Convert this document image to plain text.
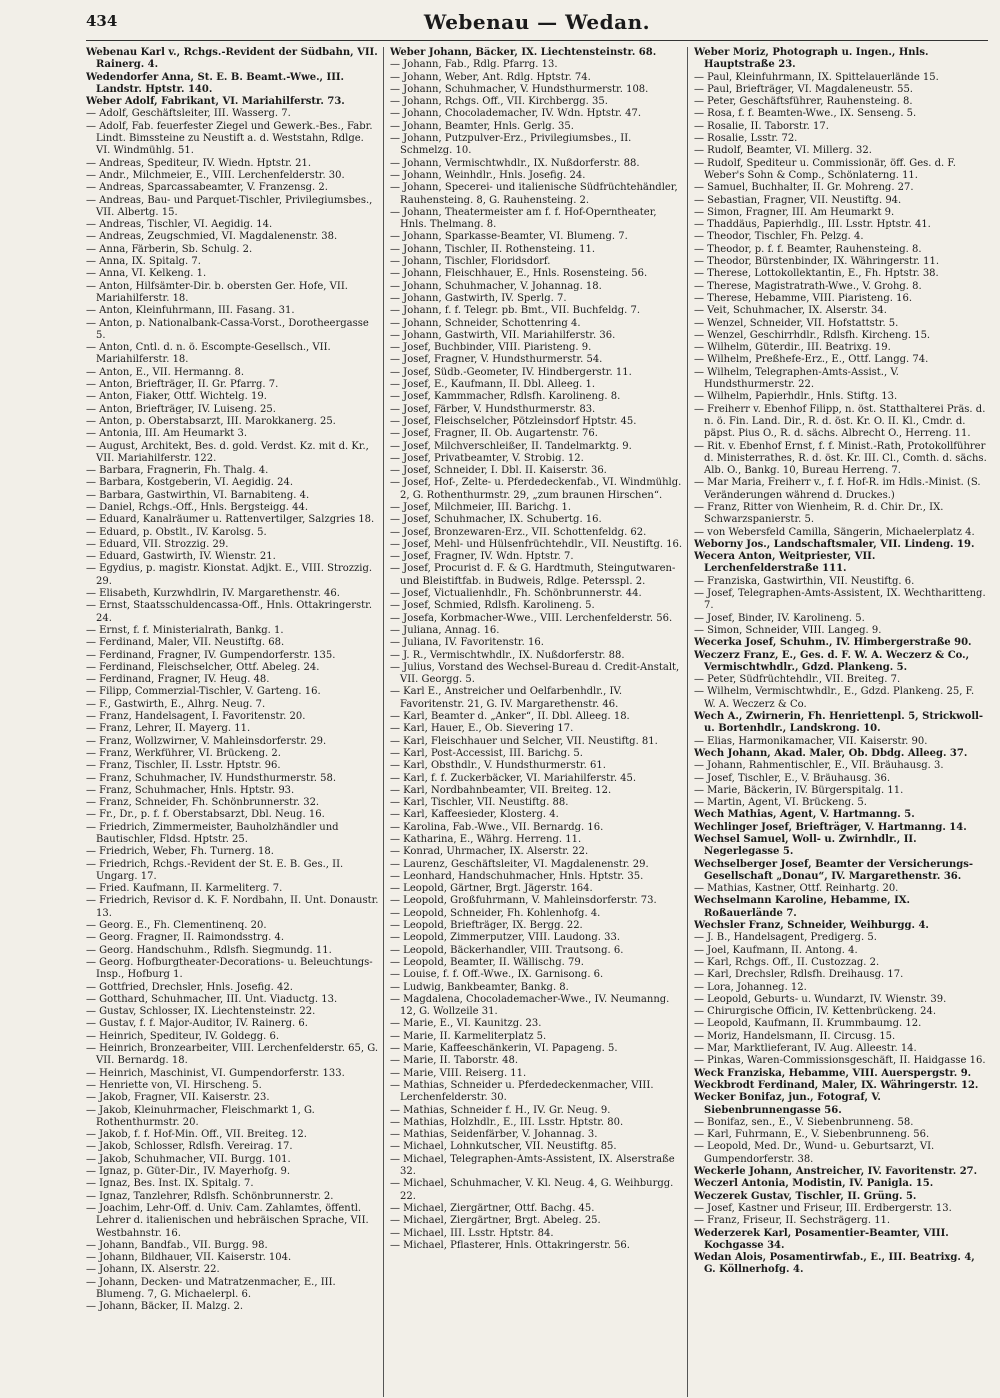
434	Webenau — Wedan.

Webenau Karl v., Rchgs.-Revident der Südbahn, VII. Rainerg. 4.

Wedendorfer Anna, St. E. B. Beamt.-Wwe., III. Landstr. Hptstr. 140.

Weber Adolf, Fabrikant, VI. Mariahilferstr. 73.

— Adolf, Geschäftsleiter, III. Wasserg. 7.

— Adolf, Fab. feuerfester Ziegel und Gewerk.-Bes., Fabr. Lindt. Bimssteine zu Neustift a. d. Weststahn, Rdlge. VI. Windmühlg. 51.

— Andreas, Spediteur, IV. Wiedn. Hptstr. 21.

— Andr., Milchmeier, E., VIII. Lerchenfelderstr. 30.

— Andreas, Sparcassabeamter, V. Franzensg. 2.

— Andreas, Bau- und Parquet-Tischler, Privilegiumsbes., VII. Albertg. 15.

— Andreas, Tischler, VI. Aegidig. 14.

— Andreas, Zeugschmied, VI. Magdalenenstr. 38.

— Anna, Färberin, Sb. Schulg. 2.

— Anna, IX. Spitalg. 7.

— Anna, VI. Kelkeng. 1.

— Anton, Hilfsämter-Dir. b. obersten Ger. Hofe, VII. Mariahilferstr. 18.

— Anton, Kleinfuhrmann, III. Fasang. 31.

— Anton, p. Nationalbank-Cassa-Vorst., Dorotheergasse 5.

— Anton, Cntl. d. n. ö. Escompte-Gesellsch., VII. Mariahilferstr. 18.

— Anton, E., VII. Hermanng. 8.

— Anton, Briefträger, II. Gr. Pfarrg. 7.

— Anton, Fiaker, Ottf. Wichtelg. 19.

— Anton, Briefträger, IV. Luiseng. 25.

— Anton, p. Oberstabsarzt, III. Marokkanerg. 25.

— Antonia, III. Am Heumarkt 3.

— August, Architekt, Bes. d. gold. Verdst. Kz. mit d. Kr., VII. Mariahilferstr. 122.

— Barbara, Fragnerin, Fh. Thalg. 4.

— Barbara, Kostgeberin, VI. Aegidig. 24.

— Barbara, Gastwirthin, VI. Barnabiteng. 4.

— Daniel, Rchgs.-Off., Hnls. Bergsteigg. 44.

— Eduard, Kanalräumer u. Rattenvertilger, Salzgries 18.

— Eduard, p. Obstlt., IV. Karolsg. 5.

— Eduard, VII. Strozzig. 29.

— Eduard, Gastwirth, IV. Wienstr. 21.

— Egydius, p. magistr. Kionstat. Adjkt. E., VIII. Strozzig. 29.

— Elisabeth, Kurzwhdlrin, IV. Margarethenstr. 46.

— Ernst, Staatsschuldencassa-Off., Hnls. Ottakringerstr. 24.

— Ernst, f. f. Ministerialrath, Bankg. 1.

— Ferdinand, Maler, VII. Neustiftg. 68.

— Ferdinand, Fragner, IV. Gumpendorferstr. 135.

— Ferdinand, Fleischselcher, Ottf. Abeleg. 24.

— Ferdinand, Fragner, IV. Heug. 48.

— Filipp, Commerzial-Tischler, V. Garteng. 16.

— F., Gastwirth, E., Alhrg. Neug. 7.

— Franz, Handelsagent, I. Favoritenstr. 20.

— Franz, Lehrer, II. Mayerg. 11.

— Franz, Wollzwirner, V. Mahleinsdorferstr. 29.

— Franz, Werkführer, VI. Brückeng. 2.

— Franz, Tischler, II. Lsstr. Hptstr. 96.

— Franz, Schuhmacher, IV. Hundsthurmerstr. 58.

— Franz, Schuhmacher, Hnls. Hptstr. 93.

— Franz, Schneider, Fh. Schönbrunnerstr. 32.

— Fr., Dr., p. f. f. Oberstabsarzt, Dbl. Neug. 16.

— Friedrich, Zimmermeister, Bauholzhändler und Bautischler, Fldsd. Hptstr. 25.

— Friedrich, Weber, Fh. Turnerg. 18.

— Friedrich, Rchgs.-Revident der St. E. B. Ges., II. Ungarg. 17.

— Fried. Kaufmann, II. Karmeliterg. 7.

— Friedrich, Revisor d. K. F. Nordbahn, II. Unt. Donaustr. 13.

— Georg. E., Fh. Clementinenq. 20.

— Georg. Fragner, II. Raimondsstrg. 4.

— Georg. Handschuhm., Rdlsfh. Siegmundg. 11.

— Georg. Hofburgtheater-Decorations- u. Beleuchtungs-Insp., Hofburg 1.

— Gottfried, Drechsler, Hnls. Josefig. 42.

— Gotthard, Schuhmacher, III. Unt. Viaductg. 13.

— Gustav, Schlosser, IX. Liechtensteinstr. 22.

— Gustav, f. f. Major-Auditor, IV. Rainerg. 6.

— Heinrich, Spediteur, IV. Goldegg. 6.

— Heinrich, Bronzearbeiter, VIII. Lerchenfelderstr. 65, G. VII. Bernardg. 18.

— Heinrich, Maschinist, VI. Gumpendorferstr. 133.

— Henriette von, VI. Hirscheng. 5.

— Jakob, Fragner, VII. Kaiserstr. 23.

— Jakob, Kleinuhrmacher, Fleischmarkt 1, G. Rothenthurmstr. 20.

— Jakob, f. f. Hof-Min. Off., VII. Breiteg. 12.

— Jakob, Schlosser, Rdlsfh. Vereirag. 17.

— Jakob, Schuhmacher, VII. Burgg. 101.

— Ignaz, p. Güter-Dir., IV. Mayerhofg. 9.

— Ignaz, Bes. Inst. IX. Spitalg. 7.

— Ignaz, Tanzlehrer, Rdlsfh. Schönbrunnerstr. 2.

— Joachim, Lehr-Off. d. Univ. Cam. Zahlamtes, öffentl. Lehrer d. italienischen und hebräischen Sprache, VII. Westbahnstr. 16.

— Johann, Bandfab., VII. Burgg. 98.

— Johann, Bildhauer, VII. Kaiserstr. 104.

— Johann, IX. Alserstr. 22.

— Johann, Decken- und Matratzenmacher, E., III. Blumeng. 7, G. Michaelerpl. 6.

— Johann, Bäcker, II. Malzg. 2.

Weber Johann, Bäcker, IX. Liechtensteinstr. 68.

— Johann, Fab., Rdlg. Pfarrg. 13.

— Johann, Weber, Ant. Rdlg. Hptstr. 74.

— Johann, Schuhmacher, V. Hundsthurmerstr. 108.

— Johann, Rchgs. Off., VII. Kirchbergg. 35.

— Johann, Chocolademacher, IV. Wdn. Hptstr. 47.

— Johann, Beamter, Hnls. Gerlg. 35.

— Johann, Putzpulver-Erz., Privilegiumsbes., II. Schmelzg. 10.

— Johann, Vermischtwhdlr., IX. Nußdorferstr. 88.

— Johann, Weinhdlr., Hnls. Josefig. 24.

— Johann, Specerei- und italienische Südfrüchtehändler, Rauhensteing. 8, G. Rauhensteing. 2.

— Johann, Theatermeister am f. f. Hof-Operntheater, Hnls. Thelmang. 8.

— Johann, Sparkasse-Beamter, VI. Blumeng. 7.

— Johann, Tischler, II. Rothensteing. 11.

— Johann, Tischler, Floridsdorf.

— Johann, Fleischhauer, E., Hnls. Rosensteing. 56.

— Johann, Schuhmacher, V. Johannag. 18.

— Johann, Gastwirth, IV. Sperlg. 7.

— Johann, f. f. Telegr. pb. Bmt., VII. Buchfeldg. 7.

— Johann, Schneider, Schottenring 4.

— Johann, Gastwirth, VII. Mariahilferstr. 36.

— Josef, Buchbinder, VIII. Piaristeng. 9.

— Josef, Fragner, V. Hundsthurmerstr. 54.

— Josef, Südb.-Geometer, IV. Hindbergerstr. 11.

— Josef, E., Kaufmann, II. Dbl. Alleeg. 1.

— Josef, Kammmacher, Rdlsfh. Karolineng. 8.

— Josef, Färber, V. Hundsthurmerstr. 83.

— Josef, Fleischselcher, Pötzleinsdorf Hptstr. 45.

— Josef, Fragner, II. Ob. Augartenstr. 76.

— Josef, Milchverschleißer, II. Tandelmarktg. 9.

— Josef, Privatbeamter, V. Strobig. 12.

— Josef, Schneider, I. Dbl. II. Kaiserstr. 36.

— Josef, Hof-, Zelte- u. Pferdedeckenfab., VI. Windmühlg. 2, G. Rothenthurmstr. 29, „zum braunen Hirschen“.

— Josef, Milchmeier, III. Barichg. 1.

— Josef, Schuhmacher, IX. Schubertg. 16.

— Josef, Bronzewaren-Erz., VII. Schottenfeldg. 62.

— Josef, Mehl- und Hülsenfrüchtehdlr., VII. Neustiftg. 16.

— Josef, Fragner, IV. Wdn. Hptstr. 7.

— Josef, Procurist d. F. & G. Hardtmuth, Steingutwaren- und Bleistiftfab. in Budweis, Rdlge. Petersspl. 2.

— Josef, Victualienhdlr., Fh. Schönbrunnerstr. 44.

— Josef, Schmied, Rdlsfh. Karolineng. 5.

— Josefa, Korbmacher-Wwe., VIII. Lerchenfelderstr. 56.

— Juliana, Annag. 16.

— Juliana, IV. Favoritenstr. 16.

— J. R., Vermischtwhdlr., IX. Nußdorferstr. 88.

— Julius, Vorstand des Wechsel-Bureau d. Credit-Anstalt, VII. Georgg. 5.

— Karl E., Anstreicher und Oelfarbenhdlr., IV. Favoritenstr. 21, G. IV. Margarethenstr. 46.

— Karl, Beamter d. „Anker“, II. Dbl. Alleeg. 18.

— Karl, Hauer, E., Ob. Sievering 17.

— Karl, Fleischhauer und Selcher, VII. Neustiftg. 81.

— Karl, Post-Accessist, III. Barichg. 5.

— Karl, Obsthdlr., V. Hundsthurmerstr. 61.

— Karl, f. f. Zuckerbäcker, VI. Mariahilferstr. 45.

— Karl, Nordbahnbeamter, VII. Breiteg. 12.

— Karl, Tischler, VII. Neustiftg. 88.

— Karl, Kaffeesieder, Klosterg. 4.

— Karolina, Fab.-Wwe., VII. Bernardg. 16.

— Katharina, E., Währg. Herreng. 11.

— Konrad, Uhrmacher, IX. Alserstr. 22.

— Laurenz, Geschäftsleiter, VI. Magdalenenstr. 29.

— Leonhard, Handschuhmacher, Hnls. Hptstr. 35.

— Leopold, Gärtner, Brgt. Jägerstr. 164.

— Leopold, Großfuhrmann, V. Mahleinsdorferstr. 73.

— Leopold, Schneider, Fh. Kohlenhofg. 4.

— Leopold, Briefträger, IX. Bergg. 22.

— Leopold, Zimmerputzer, VIII. Laudong. 33.

— Leopold, Bäckerhandler, VIII. Trautsong. 6.

— Leopold, Beamter, II. Wällischg. 79.

— Louise, f. f. Off.-Wwe., IX. Garnisong. 6.

— Ludwig, Bankbeamter, Bankg. 8.

— Magdalena, Chocolademacher-Wwe., IV. Neumanng. 12, G. Wollzeile 31.

— Marie, E., VI. Kaunitzg. 23.

— Marie, II. Karmeliterplatz 5.

— Marie, Kaffeeschänkerin, VI. Papageng. 5.

— Marie, II. Taborstr. 48.

— Marie, VIII. Reiserg. 11.

— Mathias, Schneider u. Pferdedeckenmacher, VIII. Lerchenfelderstr. 30.

— Mathias, Schneider f. H., IV. Gr. Neug. 9.

— Mathias, Holzhdlr., E., III. Lsstr. Hptstr. 80.

— Mathias, Seidenfärber, V. Johannag. 3.

— Michael, Lohnkutscher, VII. Neustiftg. 85.

— Michael, Telegraphen-Amts-Assistent, IX. Alserstraße 32.

— Michael, Schuhmacher, V. Kl. Neug. 4, G. Weihburgg. 22.

— Michael, Ziergärtner, Ottf. Bachg. 45.

— Michael, Ziergärtner, Brgt. Abeleg. 25.

— Michael, III. Lsstr. Hptstr. 84.

— Michael, Pflasterer, Hnls. Ottakringerstr. 56.

Weber Moriz, Photograph u. Ingen., Hnls. Hauptstraße 23.

— Paul, Kleinfuhrmann, IX. Spittelauerlände 15.

— Paul, Briefträger, VI. Magdaleneustr. 55.

— Peter, Geschäftsführer, Rauhensteing. 8.

— Rosa, f. f. Beamten-Wwe., IX. Senseng. 5.

— Rosalie, II. Taborstr. 17.

— Rosalie, Lsstr. 72.

— Rudolf, Beamter, VI. Millerg. 32.

— Rudolf, Spediteur u. Commissionär, öff. Ges. d. F. Weber's Sohn & Comp., Schönlaterng. 11.

— Samuel, Buchhalter, II. Gr. Mohreng. 27.

— Sebastian, Fragner, VII. Neustiftg. 94.

— Simon, Fragner, III. Am Heumarkt 9.

— Thaddäus, Papierhdlg., III. Lsstr. Hptstr. 41.

— Theodor, Tischler, Fh. Pelzg. 4.

— Theodor, p. f. f. Beamter, Rauhensteing. 8.

— Theodor, Bürstenbinder, IX. Währingerstr. 11.

— Therese, Lottokollektantin, E., Fh. Hptstr. 38.

— Therese, Magistratrath-Wwe., V. Grohg. 8.

— Therese, Hebamme, VIII. Piaristeng. 16.

— Veit, Schuhmacher, IX. Alserstr. 34.

— Wenzel, Schneider, VII. Hofstattstr. 5.

— Wenzel, Geschirrhdlr., Rdlsfh. Kircheng. 15.

— Wilhelm, Güterdir., III. Beatrixg. 19.

— Wilhelm, Preßhefe-Erz., E., Ottf. Langg. 74.

— Wilhelm, Telegraphen-Amts-Assist., V. Hundsthurmerstr. 22.

— Wilhelm, Papierhdlr., Hnls. Stiftg. 13.

— Freiherr v. Ebenhof Filipp, n. öst. Statthalterei Präs. d. n. ö. Fin. Land. Dir., R. d. öst. Kr. O. II. Kl., Cmdr. d. päpst. Pius O., R. d. sächs. Albrecht O., Herreng. 11.

— Rit. v. Ebenhof Ernst, f. f. Minist.-Rath, Protokollführer d. Ministerrathes, R. d. öst. Kr. III. Cl., Comth. d. sächs. Alb. O., Bankg. 10, Bureau Herreng. 7.

— Mar Maria, Freiherr v., f. f. Hof-R. im Hdls.-Minist. (S. Veränderungen während d. Druckes.)

— Franz, Ritter von Wienheim, R. d. Chir. Dr., IX. Schwarzspanierstr. 5.

— von Webersfeld Camilla, Sängerin, Michaelerplatz 4.

Weborny Jos., Landschaftsmaler, VII. Lindeng. 19.

Wecera Anton, Weitpriester, VII. Lerchenfelderstraße 111.

— Franziska, Gastwirthin, VII. Neustiftg. 6.

— Josef, Telegraphen-Amts-Assistent, IX. Wechtharitteng. 7.

— Josef, Binder, IV. Karolineng. 5.

— Simon, Schneider, VIII. Langeg. 9.

Wecerka Josef, Schuhm., IV. Himbergerstraße 90.

Weczerz Franz, E., Ges. d. F. W. A. Weczerz & Co., Vermischtwhdlr., Gdzd. Plankeng. 5.

— Peter, Südfrüchtehdlr., VII. Breiteg. 7.

— Wilhelm, Vermischtwhdlr., E., Gdzd. Plankeng. 25, F. W. A. Weczerz & Co.

Wech A., Zwirnerin, Fh. Henriettenpl. 5, Strickwoll- u. Bortenhdlr., Landskrong. 10.

— Elias, Harmonikamacher, VII. Kaiserstr. 90.

Wech Johann, Akad. Maler, Ob. Dbdg. Alleeg. 37.

— Johann, Rahmentischler, E., VII. Bräuhausg. 3.

— Josef, Tischler, E., V. Bräuhausg. 36.

— Marie, Bäckerin, IV. Bürgerspitalg. 11.

— Martin, Agent, VI. Brückeng. 5.

Wech Mathias, Agent, V. Hartmanng. 5.

Wechlinger Josef, Briefträger, V. Hartmanng. 14.

Wechsel Samuel, Woll- u. Zwirnhdlr., II. Negerlegasse 5.

Wechselberger Josef, Beamter der Versicherungs-Gesellschaft „Donau“, IV. Margarethenstr. 36.

— Mathias, Kastner, Ottf. Reinhartg. 20.

Wechselmann Karoline, Hebamme, IX. Roßauerlände 7.

Wechsler Franz, Schneider, Weihburgg. 4.

— J. B., Handelsagent, Predigerg. 5.

— Joel, Kaufmann, II. Antong. 4.

— Karl, Rchgs. Off., II. Custozzag. 2.

— Karl, Drechsler, Rdlsfh. Dreihausg. 17.

— Lora, Johanneg. 12.

— Leopold, Geburts- u. Wundarzt, IV. Wienstr. 39.

— Chirurgische Officin, IV. Kettenbrückeng. 24.

— Leopold, Kaufmann, II. Krummbaumg. 12.

— Moriz, Handelsmann, II. Circusg. 15.

— Mar, Marktlieferant, IV. Aug. Alleestr. 14.

— Pinkas, Waren-Commissionsgeschäft, II. Haidgasse 16.

Weck Franziska, Hebamme, VIII. Auerspergstr. 9.

Weckbrodt Ferdinand, Maler, IX. Währingerstr. 12.

Wecker Bonifaz, jun., Fotograf, V. Siebenbrunnengasse 56.

— Bonifaz, sen., E., V. Siebenbrunneng. 58.

— Karl, Fuhrmann, E., V. Siebenbrunneng. 56.

— Leopold, Med. Dr., Wund- u. Geburtsarzt, VI. Gumpendorferstr. 38.

Weckerle Johann, Anstreicher, IV. Favoritenstr. 27.

Weczerl Antonia, Modistin, IV. Panigla. 15.

Weczerek Gustav, Tischler, II. Grüng. 5.

— Josef, Kastner und Friseur, III. Erdbergerstr. 13.

— Franz, Friseur, II. Sechsträgerg. 11.

Wederzerek Karl, Posamentier-Beamter, VIII. Kochgasse 34.

Wedan Alois, Posamentirwfab., E., III. Beatrixg. 4, G. Köllnerhofg. 4.
